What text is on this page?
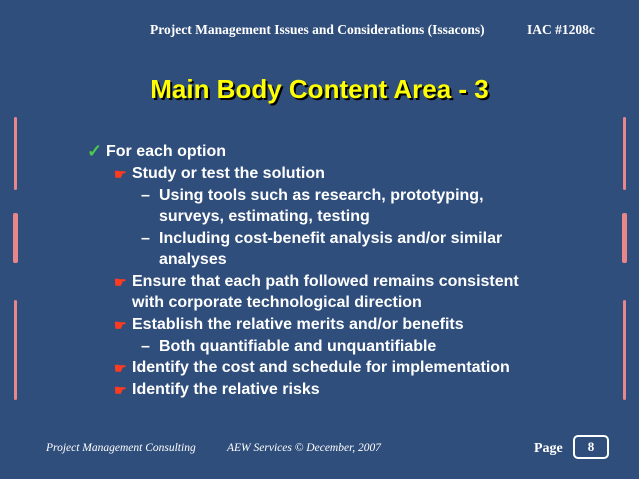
Project Management Issues and Considerations (Issacons)	IAC #1208c
Main Body Content Area - 3
✓ For each option
☛ Study or test the solution
– Using tools such as research, prototyping,
surveys, estimating, testing
– Including cost-benefit analysis and/or similar
analyses
☛ Ensure that each path followed remains consistent
with corporate technological direction
☛ Establish the relative merits and/or benefits
– Both quantifiable and unquantifiable
☛ Identify the cost and schedule for implementation
☛ Identify the relative risks
Project Management Consulting	AEW Services © December, 2007	Page	8
